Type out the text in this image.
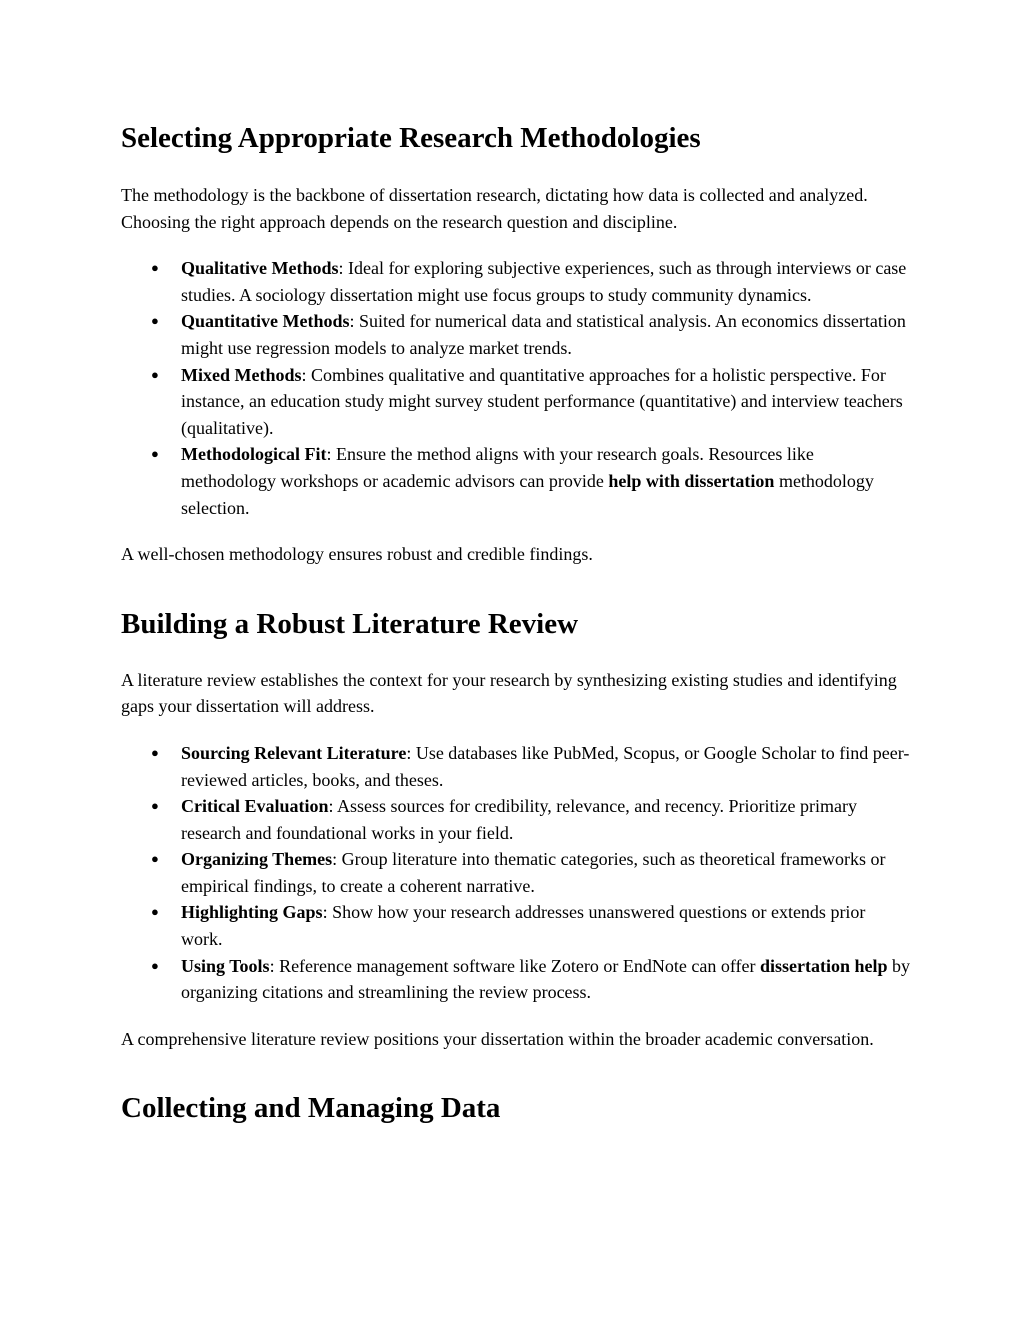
Selecting Appropriate Research Methodologies

The methodology is the backbone of dissertation research, dictating how data is collected and analyzed. Choosing the right approach depends on the research question and discipline.

● Qualitative Methods: Ideal for exploring subjective experiences, such as through interviews or case studies. A sociology dissertation might use focus groups to study community dynamics.
● Quantitative Methods: Suited for numerical data and statistical analysis. An economics dissertation might use regression models to analyze market trends.
● Mixed Methods: Combines qualitative and quantitative approaches for a holistic perspective. For instance, an education study might survey student performance (quantitative) and interview teachers (qualitative).
● Methodological Fit: Ensure the method aligns with your research goals. Resources like methodology workshops or academic advisors can provide help with dissertation methodology selection.

A well-chosen methodology ensures robust and credible findings.

Building a Robust Literature Review

A literature review establishes the context for your research by synthesizing existing studies and identifying gaps your dissertation will address.

● Sourcing Relevant Literature: Use databases like PubMed, Scopus, or Google Scholar to find peer-reviewed articles, books, and theses.
● Critical Evaluation: Assess sources for credibility, relevance, and recency. Prioritize primary research and foundational works in your field.
● Organizing Themes: Group literature into thematic categories, such as theoretical frameworks or empirical findings, to create a coherent narrative.
● Highlighting Gaps: Show how your research addresses unanswered questions or extends prior work.
● Using Tools: Reference management software like Zotero or EndNote can offer dissertation help by organizing citations and streamlining the review process.

A comprehensive literature review positions your dissertation within the broader academic conversation.

Collecting and Managing Data
